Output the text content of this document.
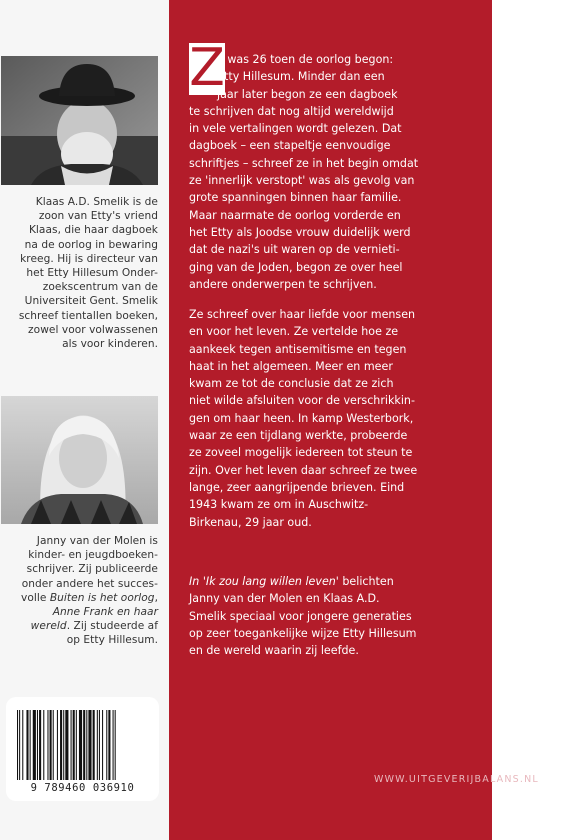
Klaas A.D. Smelik is de
zoon van Etty's vriend
Klaas, die haar dagboek
na de oorlog in bewaring
kreeg. Hij is directeur van
het Etty Hillesum Onder-
zoekscentrum van de
Universiteit Gent. Smelik
schreef tientallen boeken,
zowel voor volwassenen
als voor kinderen.
Janny van der Molen is
kinder- en jeugdboeken-
schrijver. Zij publiceerde
onder andere het succes-
volle Buiten is het oorlog,
Anne Frank en haar
wereld. Zij studeerde af
op Etty Hillesum.
9 789460 036910
Z
e was 26 toen de oorlog begon:
Etty Hillesum. Minder dan een
jaar later begon ze een dagboek
te schrijven dat nog altijd wereldwijd
in vele vertalingen wordt gelezen. Dat
dagboek – een stapeltje eenvoudige
schriftjes – schreef ze in het begin omdat
ze 'innerlijk verstopt' was als gevolg van
grote spanningen binnen haar familie.
Maar naarmate de oorlog vorderde en
het Etty als Joodse vrouw duidelijk werd
dat de nazi's uit waren op de vernieti-
ging van de Joden, begon ze over heel
andere onderwerpen te schrijven.
Ze schreef over haar liefde voor mensen
en voor het leven. Ze vertelde hoe ze
aankeek tegen antisemitisme en tegen
haat in het algemeen. Meer en meer
kwam ze tot de conclusie dat ze zich
niet wilde afsluiten voor de verschrikkin-
gen om haar heen. In kamp Westerbork,
waar ze een tijdlang werkte, probeerde
ze zoveel mogelijk iedereen tot steun te
zijn. Over het leven daar schreef ze twee
lange, zeer aangrijpende brieven. Eind
1943 kwam ze om in Auschwitz-
Birkenau, 29 jaar oud.
In 'Ik zou lang willen leven' belichten
Janny van der Molen en Klaas A.D.
Smelik speciaal voor jongere generaties
op zeer toegankelijke wijze Etty Hillesum
en de wereld waarin zij leefde.
WWW.UITGEVERIJBALANS.NL
